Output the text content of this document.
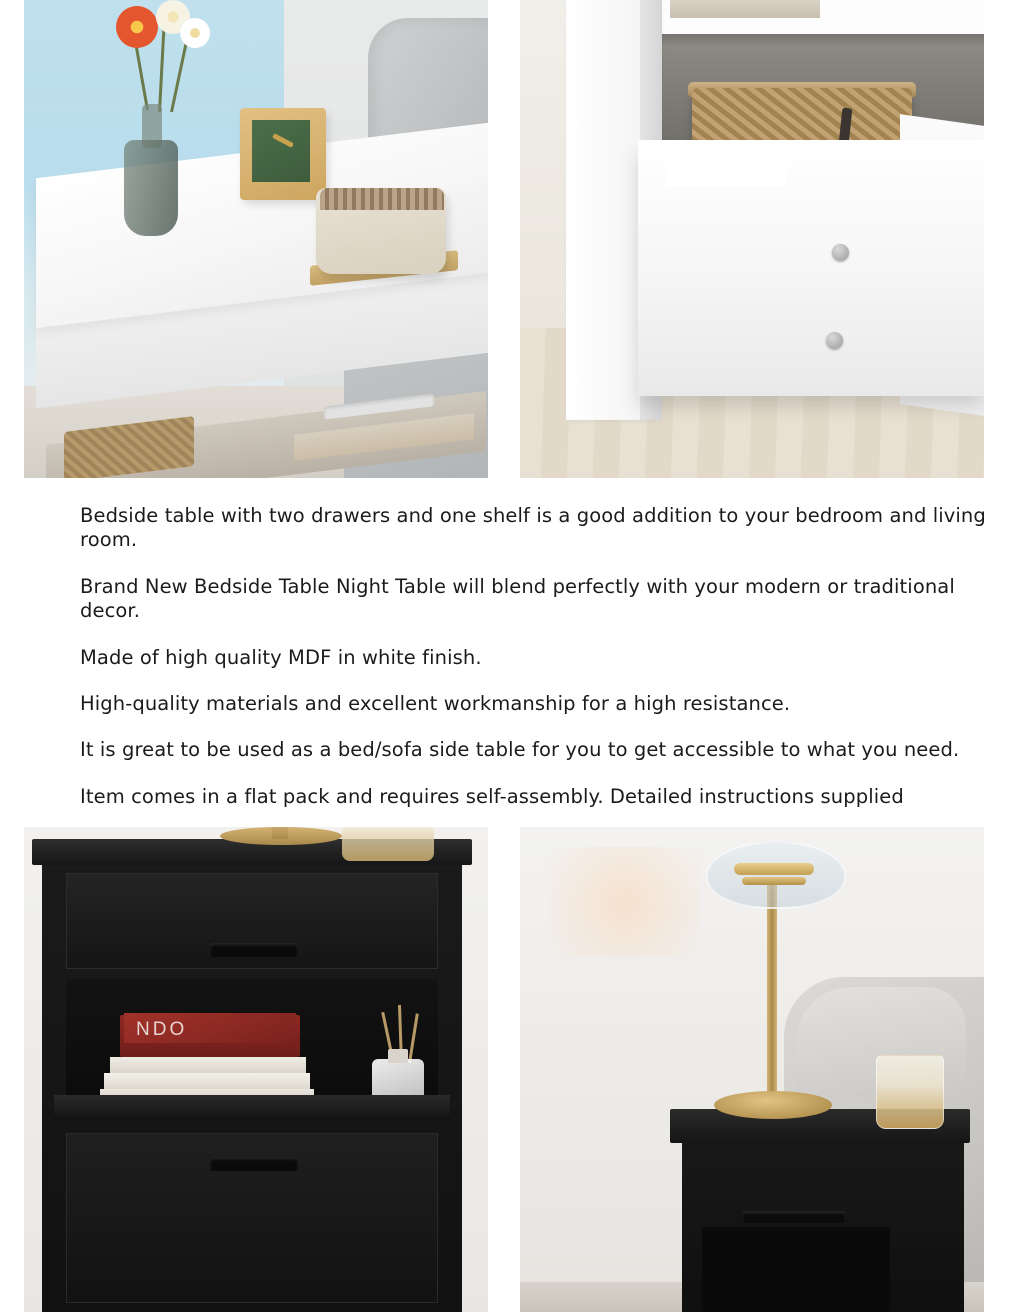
Bedside table with two drawers and one shelf is a good addition to your bedroom and living room.

Brand New Bedside Table Night Table will blend perfectly with your modern or traditional decor.

Made of high quality MDF in white finish.

High-quality materials and excellent workmanship for a high resistance.

It is great to be used as a bed/sofa side table for you to get accessible to what you need.

Item comes in a flat pack and requires self-assembly. Detailed instructions supplied

NDO
